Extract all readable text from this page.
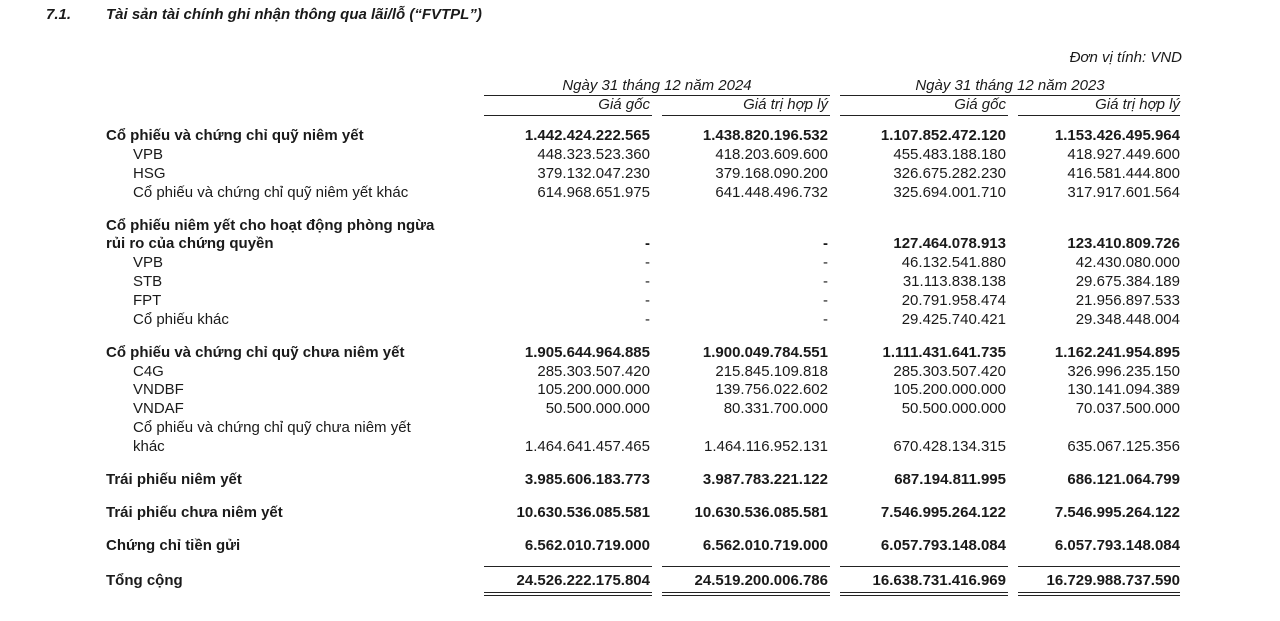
7.1. Tài sản tài chính ghi nhận thông qua lãi/lỗ (“FVTPL”)
Đơn vị tính: VND
Ngày 31 tháng 12 năm 2024	Ngày 31 tháng 12 năm 2023
Giá gốc	Giá trị hợp lý	Giá gốc	Giá trị hợp lý
Cổ phiếu và chứng chỉ quỹ niêm yết	1.442.424.222.565	1.438.820.196.532	1.107.852.472.120	1.153.426.495.964
VPB	448.323.523.360	418.203.609.600	455.483.188.180	418.927.449.600
HSG	379.132.047.230	379.168.090.200	326.675.282.230	416.581.444.800
Cổ phiếu và chứng chỉ quỹ niêm yết khác	614.968.651.975	641.448.496.732	325.694.001.710	317.917.601.564
Cổ phiếu niêm yết cho hoạt động phòng ngừa
rủi ro của chứng quyền	-	-	127.464.078.913	123.410.809.726
VPB	-	-	46.132.541.880	42.430.080.000
STB	-	-	31.113.838.138	29.675.384.189
FPT	-	-	20.791.958.474	21.956.897.533
Cổ phiếu khác	-	-	29.425.740.421	29.348.448.004
Cổ phiếu và chứng chỉ quỹ chưa niêm yết	1.905.644.964.885	1.900.049.784.551	1.111.431.641.735	1.162.241.954.895
C4G	285.303.507.420	215.845.109.818	285.303.507.420	326.996.235.150
VNDBF	105.200.000.000	139.756.022.602	105.200.000.000	130.141.094.389
VNDAF	50.500.000.000	80.331.700.000	50.500.000.000	70.037.500.000
Cổ phiếu và chứng chỉ quỹ chưa niêm yết
khác	1.464.641.457.465	1.464.116.952.131	670.428.134.315	635.067.125.356
Trái phiếu niêm yết	3.985.606.183.773	3.987.783.221.122	687.194.811.995	686.121.064.799
Trái phiếu chưa niêm yết	10.630.536.085.581	10.630.536.085.581	7.546.995.264.122	7.546.995.264.122
Chứng chỉ tiền gửi	6.562.010.719.000	6.562.010.719.000	6.057.793.148.084	6.057.793.148.084
Tổng cộng	24.526.222.175.804	24.519.200.006.786	16.638.731.416.969	16.729.988.737.590
